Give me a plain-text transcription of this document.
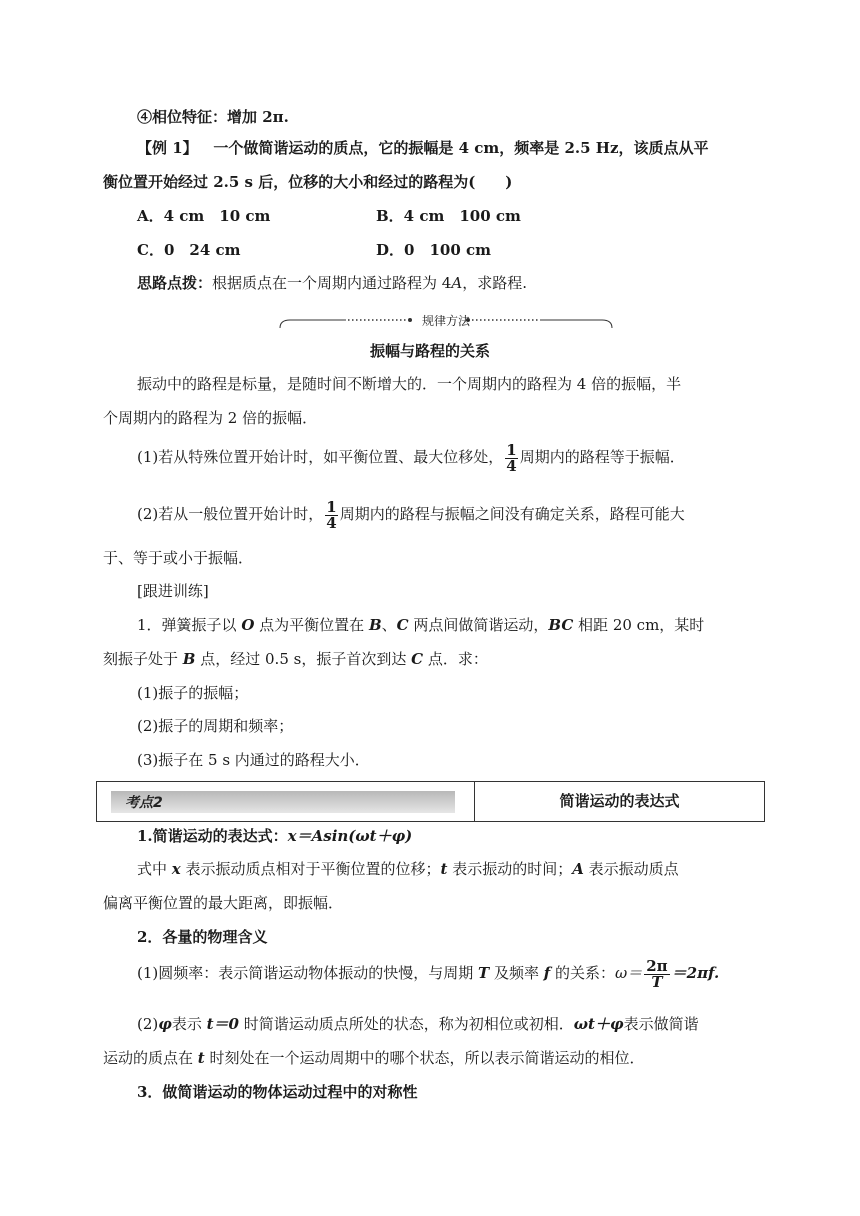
④相位特征：增加 2π.
【例 1】 一个做简谐运动的质点，它的振幅是 4 cm，频率是 2.5 Hz，该质点从平
衡位置开始经过 2.5 s 后，位移的大小和经过的路程为(　　)
A．4 cm　10 cm	B．4 cm　100 cm
C．0　24 cm	D．0　100 cm
思路点拨：根据质点在一个周期内通过路程为 4A，求路程.
规律方法
振幅与路程的关系
振动中的路程是标量，是随时间不断增大的．一个周期内的路程为 4 倍的振幅，半
个周期内的路程为 2 倍的振幅．
(1)若从特殊位置开始计时，如平衡位置、最大位移处， $\frac{1}{4}$ 周期内的路程等于振幅．
(2)若从一般位置开始计时， $\frac{1}{4}$ 周期内的路程与振幅之间没有确定关系，路程可能大
于、等于或小于振幅．
[跟进训练]
1．弹簧振子以 O 点为平衡位置在 B、C 两点间做简谐运动，BC 相距 20 cm，某时
刻振子处于 B 点，经过 0.5 s，振子首次到达 C 点．求：
(1)振子的振幅；
(2)振子的周期和频率；
(3)振子在 5 s 内通过的路程大小．
考点2	简谐运动的表达式
1.简谐运动的表达式：x＝Asin(ωt＋φ)
式中 x 表示振动质点相对于平衡位置的位移；t 表示振动的时间；A 表示振动质点
偏离平衡位置的最大距离，即振幅．
2．各量的物理含义
(1)圆频率：表示简谐运动物体振动的快慢，与周期 T 及频率 f 的关系：$\omega= \frac{2\pi}{T} =2\pi f$.
(2)φ表示 t＝0 时简谐运动质点所处的状态，称为初相位或初相．ωt＋φ表示做简谐
运动的质点在 t 时刻处在一个运动周期中的哪个状态，所以表示简谐运动的相位．
3．做简谐运动的物体运动过程中的对称性
